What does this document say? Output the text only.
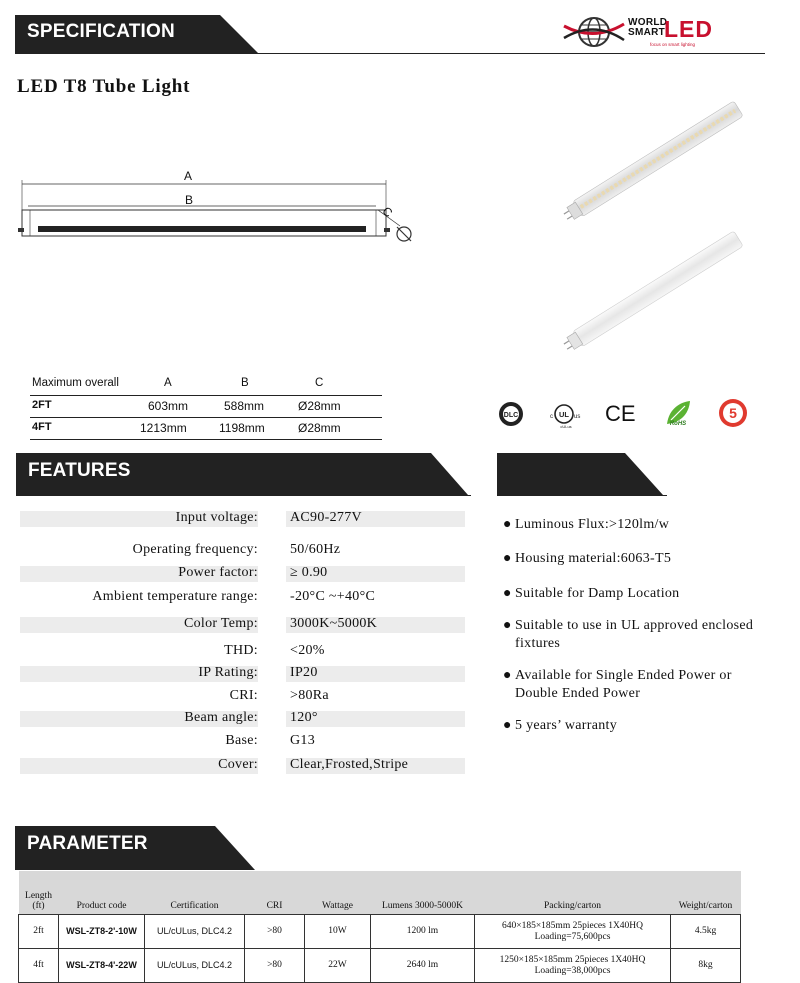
SPECIFICATION	WORLD
SMART
LED
focus on smart lighting
LED T8 Tube Light
A
B
C
Maximum overall	A	B	C
2FT	603mm	588mm	Ø28mm
4FT	1213mm	1198mm	Ø28mm
DLC	UL
cULus
c	us CE	RoHS
5
FEATURES
Input voltage: AC90-277V
Operating frequency: 50/60Hz
Power factor: ≥ 0.90
Ambient temperature range: -20°C ~+40°C
Color Temp: 3000K~5000K
THD: <20%
IP Rating: IP20
CRI: >80Ra
Beam angle: 120°
Base: G13
Cover: Clear,Frosted,Stripe
● Luminous Flux:>120lm/w
● Housing material:6063-T5
● Suitable for Damp Location
● Suitable to use in UL approved enclosed fixtures
● Available for Single Ended Power or Double Ended Power
● 5 years’ warranty
PARAMETER
Length (ft)	Product code	Certification	CRI	Wattage	Lumens 3000-5000K	Packing/carton	Weight/carton
2ft	WSL-ZT8-2'-10W	UL/cULus, DLC4.2	>80	10W	1200 lm	640×185×185mm 25pieces 1X40HQ Loading=75,600pcs	4.5kg
4ft	WSL-ZT8-4'-22W	UL/cULus, DLC4.2	>80	22W	2640 lm	1250×185×185mm 25pieces 1X40HQ Loading=38,000pcs	8kg
